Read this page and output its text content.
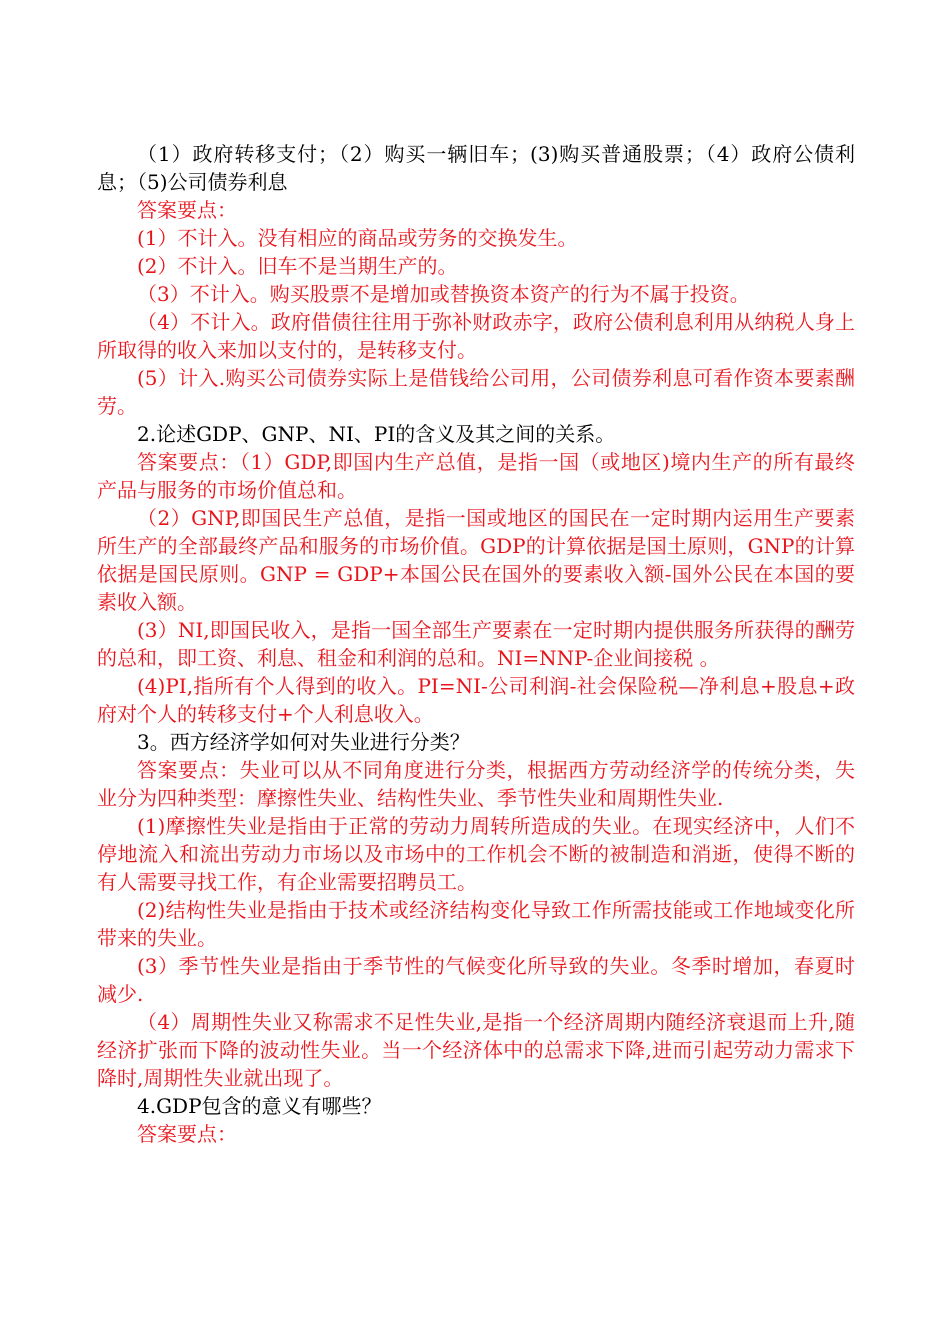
（1）政府转移支付；（2）购买一辆旧车；(3)购买普通股票；（4）政府公债利息；（5)公司债券利息

答案要点：

(1）不计入。没有相应的商品或劳务的交换发生。

(2）不计入。旧车不是当期生产的。

（3）不计入。购买股票不是增加或替换资本资产的行为不属于投资。

（4）不计入。政府借债往往用于弥补财政赤字，政府公债利息利用从纳税人身上所取得的收入来加以支付的，是转移支付。

(5）计入.购买公司债券实际上是借钱给公司用，公司债券利息可看作资本要素酬劳。

2.论述GDP、GNP、NI、PI的含义及其之间的关系。

答案要点：（1）GDP,即国内生产总值，是指一国（或地区)境内生产的所有最终产品与服务的市场价值总和。

（2）GNP,即国民生产总值，是指一国或地区的国民在一定时期内运用生产要素所生产的全部最终产品和服务的市场价值。GDP的计算依据是国土原则，GNP的计算依据是国民原则。GNP = GDP+本国公民在国外的要素收入额-国外公民在本国的要素收入额。

(3）NI,即国民收入，是指一国全部生产要素在一定时期内提供服务所获得的酬劳的总和，即工资、利息、租金和利润的总和。NI=NNP-企业间接税 。

(4)PI,指所有个人得到的收入。PI=NI-公司利润-社会保险税—净利息+股息+政府对个人的转移支付+个人利息收入。

3。西方经济学如何对失业进行分类？

答案要点：失业可以从不同角度进行分类，根据西方劳动经济学的传统分类，失业分为四种类型：摩擦性失业、结构性失业、季节性失业和周期性失业.

(1)摩擦性失业是指由于正常的劳动力周转所造成的失业。在现实经济中，人们不停地流入和流出劳动力市场以及市场中的工作机会不断的被制造和消逝，使得不断的有人需要寻找工作，有企业需要招聘员工。

(2)结构性失业是指由于技术或经济结构变化导致工作所需技能或工作地域变化所带来的失业。

(3）季节性失业是指由于季节性的气候变化所导致的失业。冬季时增加，春夏时减少.

（4）周期性失业又称需求不足性失业,是指一个经济周期内随经济衰退而上升,随经济扩张而下降的波动性失业。当一个经济体中的总需求下降,进而引起劳动力需求下降时,周期性失业就出现了。

4.GDP包含的意义有哪些？

答案要点：
